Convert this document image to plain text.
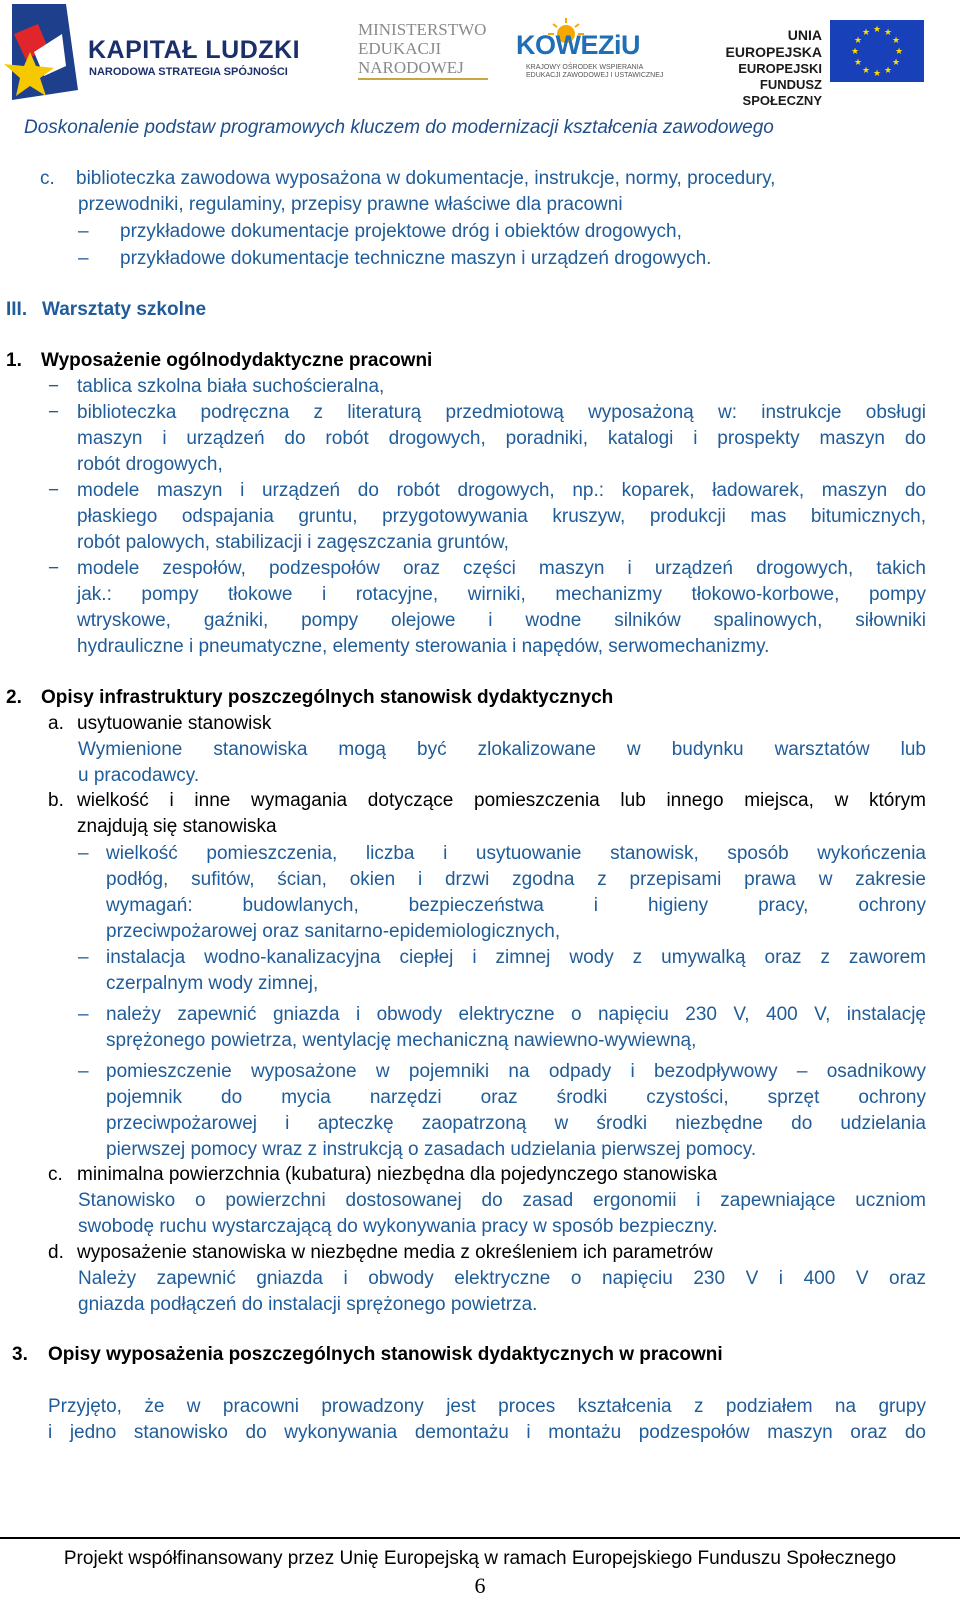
KAPITAŁ LUDZKI
NARODOWA STRATEGIA SPÓJNOŚCI
MINISTERSTWO
EDUKACJI
NARODOWEJ
KOWEZiU
KRAJOWY OŚRODEK WSPIERANIA
EDUKACJI ZAWODOWEJ I USTAWICZNEJ
UNIA EUROPEJSKA
EUROPEJSKI
FUNDUSZ SPOŁECZNY
★ ★
★
★
★
★
★
★
★
★
★
★
Doskonalenie podstaw programowych kluczem do modernizacji kształcenia zawodowego
c. biblioteczka zawodowa wyposażona w dokumentacje, instrukcje, normy, procedury,
przewodniki, regulaminy, przepisy prawne właściwe dla pracowni
– przykładowe dokumentacje projektowe dróg i obiektów drogowych,
– przykładowe dokumentacje techniczne maszyn i urządzeń drogowych.
III. Warsztaty szkolne
1. Wyposażenie ogólnodydaktyczne pracowni
− tablica szkolna biała suchościeralna,
− biblioteczka podręczna z literaturą przedmiotową wyposażoną w: instrukcje obsługi
maszyn i urządzeń do robót drogowych, poradniki, katalogi i prospekty maszyn do
robót drogowych,
− modele maszyn i urządzeń do robót drogowych, np.: koparek, ładowarek, maszyn do
płaskiego odspajania gruntu, przygotowywania kruszyw, produkcji mas bitumicznych,
robót palowych, stabilizacji i zagęszczania gruntów,
− modele zespołów, podzespołów oraz części maszyn i urządzeń drogowych, takich
jak.: pompy tłokowe i rotacyjne, wirniki, mechanizmy tłokowo-korbowe, pompy
wtryskowe, gaźniki, pompy olejowe i wodne silników spalinowych, siłowniki
hydrauliczne i pneumatyczne, elementy sterowania i napędów, serwomechanizmy.
2. Opisy infrastruktury poszczególnych stanowisk dydaktycznych
a. usytuowanie stanowisk
Wymienione stanowiska mogą być zlokalizowane w budynku warsztatów lub
u pracodawcy.
b. wielkość i inne wymagania dotyczące pomieszczenia lub innego miejsca, w którym
znajdują się stanowiska
– wielkość pomieszczenia, liczba i usytuowanie stanowisk, sposób wykończenia
podłóg, sufitów, ścian, okien i drzwi zgodna z przepisami prawa w zakresie
wymagań: budowlanych, bezpieczeństwa i higieny pracy, ochrony
przeciwpożarowej oraz sanitarno-epidemiologicznych,
– instalacja wodno-kanalizacyjna ciepłej i zimnej wody z umywalką oraz z zaworem
czerpalnym wody zimnej,
– należy zapewnić gniazda i obwody elektryczne o napięciu 230 V, 400 V, instalację
sprężonego powietrza, wentylację mechaniczną nawiewno-wywiewną,
– pomieszczenie wyposażone w pojemniki na odpady i bezodpływowy – osadnikowy
pojemnik do mycia narzędzi oraz środki czystości, sprzęt ochrony
przeciwpożarowej i apteczkę zaopatrzoną w środki niezbędne do udzielania
pierwszej pomocy wraz z instrukcją o zasadach udzielania pierwszej pomocy.
c. minimalna powierzchnia (kubatura) niezbędna dla pojedynczego stanowiska
Stanowisko o powierzchni dostosowanej do zasad ergonomii i zapewniające uczniom
swobodę ruchu wystarczającą do wykonywania pracy w sposób bezpieczny.
d. wyposażenie stanowiska w niezbędne media z określeniem ich parametrów
Należy zapewnić gniazda i obwody elektryczne o napięciu 230 V i 400 V oraz
gniazda podłączeń do instalacji sprężonego powietrza.
3. Opisy wyposażenia poszczególnych stanowisk dydaktycznych w pracowni
Przyjęto, że w pracowni prowadzony jest proces kształcenia z podziałem na grupy
i jedno stanowisko do wykonywania demontażu i montażu podzespołów maszyn oraz do
Projekt współfinansowany przez Unię Europejską w ramach Europejskiego Funduszu Społecznego
6
